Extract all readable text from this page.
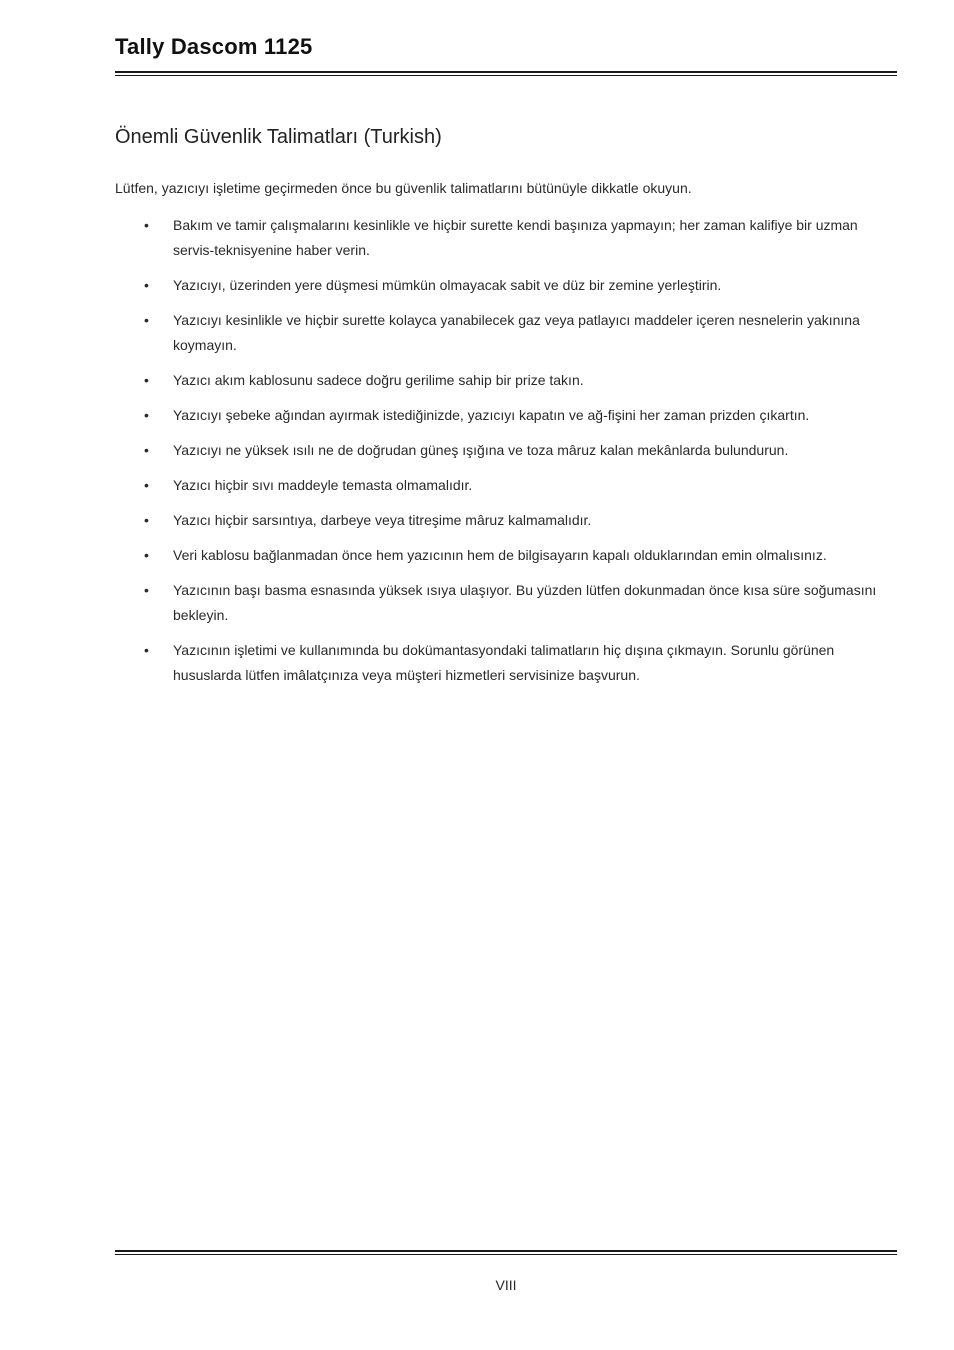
Tally Dascom 1125
Önemli Güvenlik Talimatları (Turkish)

Lütfen, yazıcıyı işletime geçirmeden önce bu güvenlik talimatlarını bütünüyle dikkatle okuyun.

•	Bakım ve tamir çalışmalarını kesinlikle ve hiçbir surette kendi başınıza yapmayın; her zaman kalifiye bir uzman servis-teknisyenine haber verin.
•	Yazıcıyı, üzerinden yere düşmesi mümkün olmayacak sabit ve düz bir zemine yerleştirin.
•	Yazıcıyı kesinlikle ve hiçbir surette kolayca yanabilecek gaz veya patlayıcı maddeler içeren nesnelerin yakınına koymayın.
•	Yazıcı akım kablosunu sadece doğru gerilime sahip bir prize takın.
•	Yazıcıyı şebeke ağından ayırmak istediğinizde, yazıcıyı kapatın ve ağ-fişini her zaman prizden çıkartın.
•	Yazıcıyı ne yüksek ısılı ne de doğrudan güneş ışığına ve toza mâruz kalan mekânlarda bulundurun.
•	Yazıcı hiçbir sıvı maddeyle temasta olmamalıdır.
•	Yazıcı hiçbir sarsıntıya, darbeye veya titreşime mâruz kalmamalıdır.
•	Veri kablosu bağlanmadan önce hem yazıcının hem de bilgisayarın kapalı olduklarından emin olmalısınız.
•	Yazıcının başı basma esnasında yüksek ısıya ulaşıyor. Bu yüzden lütfen dokunmadan önce kısa süre soğumasını bekleyin.
•	Yazıcının işletimi ve kullanımında bu dokümantasyondaki talimatların hiç dışına çıkmayın. Sorunlu görünen hususlarda lütfen imâlatçınıza veya müşteri hizmetleri servisinize başvurun.
VIII
